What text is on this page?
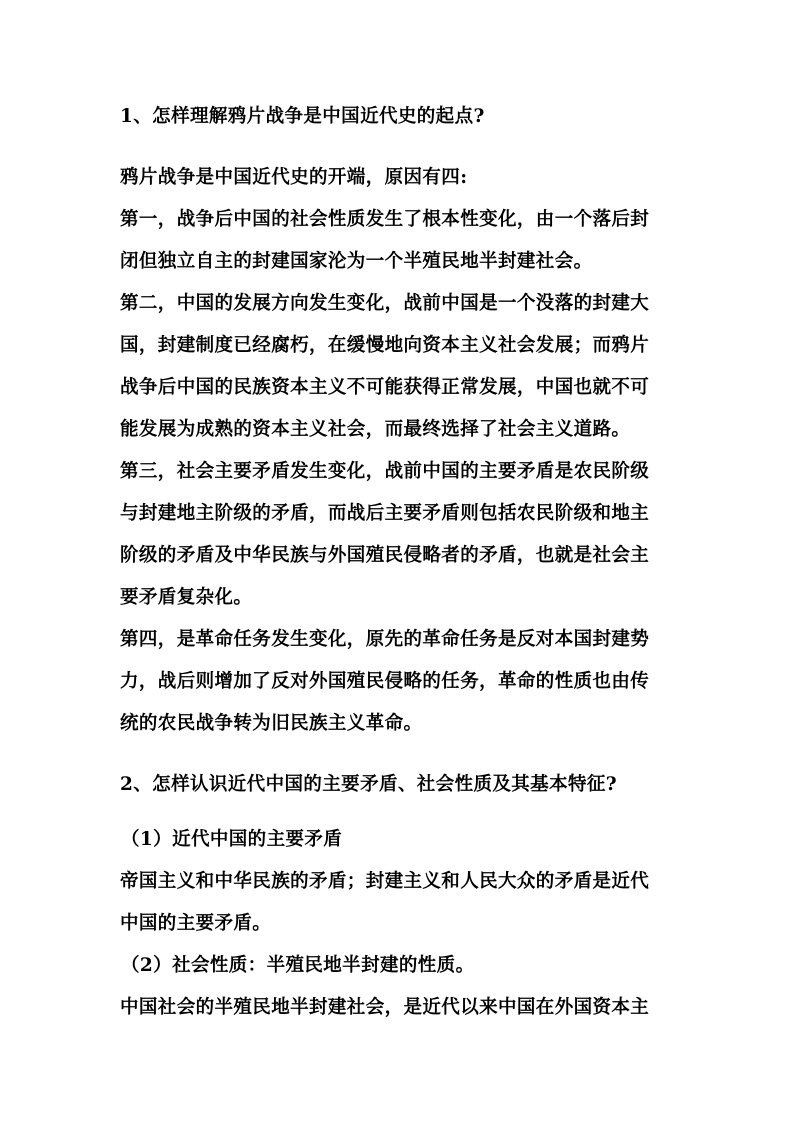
1、怎样理解鸦片战争是中国近代史的起点?
鸦片战争是中国近代史的开端，原因有四:
第一，战争后中国的社会性质发生了根本性变化，由一个落后封
闭但独立自主的封建国家沦为一个半殖民地半封建社会。
第二，中国的发展方向发生变化，战前中国是一个没落的封建大
国，封建制度已经腐朽，在缓慢地向资本主义社会发展；而鸦片
战争后中国的民族资本主义不可能获得正常发展，中国也就不可
能发展为成熟的资本主义社会，而最终选择了社会主义道路。
第三，社会主要矛盾发生变化，战前中国的主要矛盾是农民阶级
与封建地主阶级的矛盾，而战后主要矛盾则包括农民阶级和地主
阶级的矛盾及中华民族与外国殖民侵略者的矛盾，也就是社会主
要矛盾复杂化。
第四，是革命任务发生变化，原先的革命任务是反对本国封建势
力，战后则增加了反对外国殖民侵略的任务，革命的性质也由传
统的农民战争转为旧民族主义革命。
2、怎样认识近代中国的主要矛盾、社会性质及其基本特征?
（1）近代中国的主要矛盾
帝国主义和中华民族的矛盾；封建主义和人民大众的矛盾是近代
中国的主要矛盾。
（2）社会性质：半殖民地半封建的性质。
中国社会的半殖民地半封建社会，是近代以来中国在外国资本主
